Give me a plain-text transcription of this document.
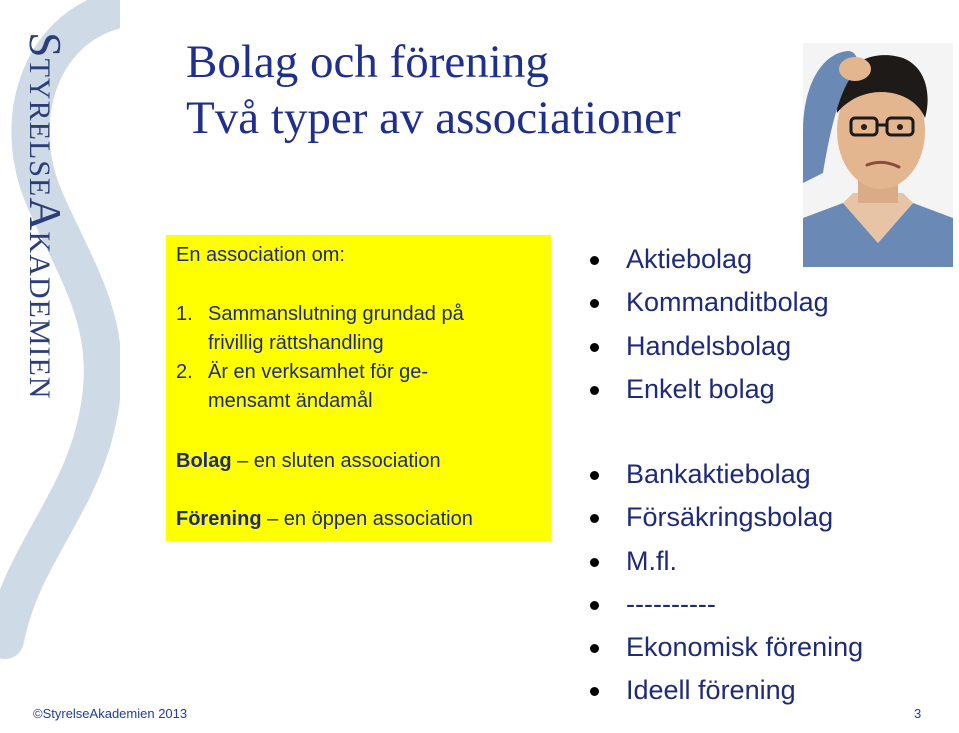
STYRELSEAKADEMIEN
Bolag och förening
Två typer av associationer
En association om:
1. Sammanslutning grundad på frivillig rättshandling
2. Är en verksamhet för ge-mensamt ändamål
Bolag – en sluten association
Förening – en öppen association
Aktiebolag
Kommanditbolag
Handelsbolag
Enkelt bolag
Bankaktiebolag
Försäkringsbolag
M.fl.
----------
Ekonomisk förening
Ideell förening
©StyrelseAkademien 2013	3
